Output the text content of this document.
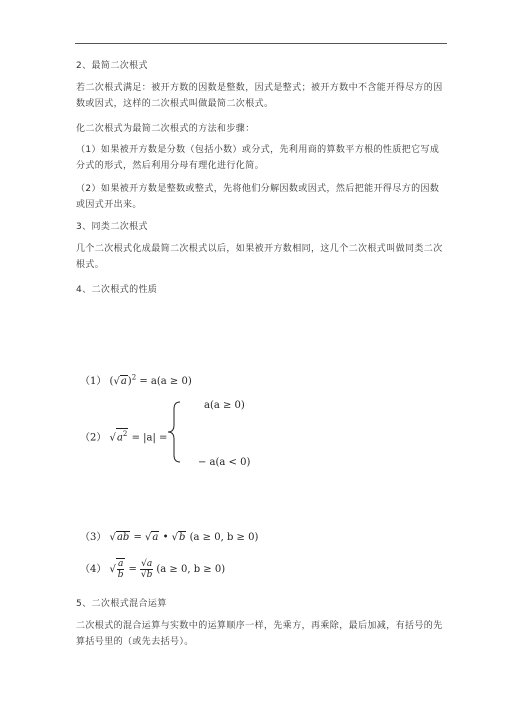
2、最简二次根式
若二次根式满足：被开方数的因数是整数，因式是整式；被开方数中不含能开得尽方的因数或因式，这样的二次根式叫做最简二次根式。
化二次根式为最简二次根式的方法和步骤：
（1）如果被开方数是分数（包括小数）或分式，先利用商的算数平方根的性质把它写成分式的形式，然后利用分母有理化进行化简。
（2）如果被开方数是整数或整式，先将他们分解因数或因式，然后把能开得尽方的因数或因式开出来。
3、同类二次根式
几个二次根式化成最简二次根式以后，如果被开方数相同，这几个二次根式叫做同类二次根式。
4、二次根式的性质
（1） $(√a)^2 = a(a \ge 0)$
（2） $√a^2 = |a|$ =
a(a ≥ 0)
− a(a < 0)
（3） √ab = √a • √b (a ≥ 0, b ≥ 0)
（4） √ $\frac{a}{b} = \frac{√a}{√b} (a \ge 0$, b ≥ 0)
5、二次根式混合运算
二次根式的混合运算与实数中的运算顺序一样，先乘方，再乘除，最后加减，有括号的先算括号里的（或先去括号）。
